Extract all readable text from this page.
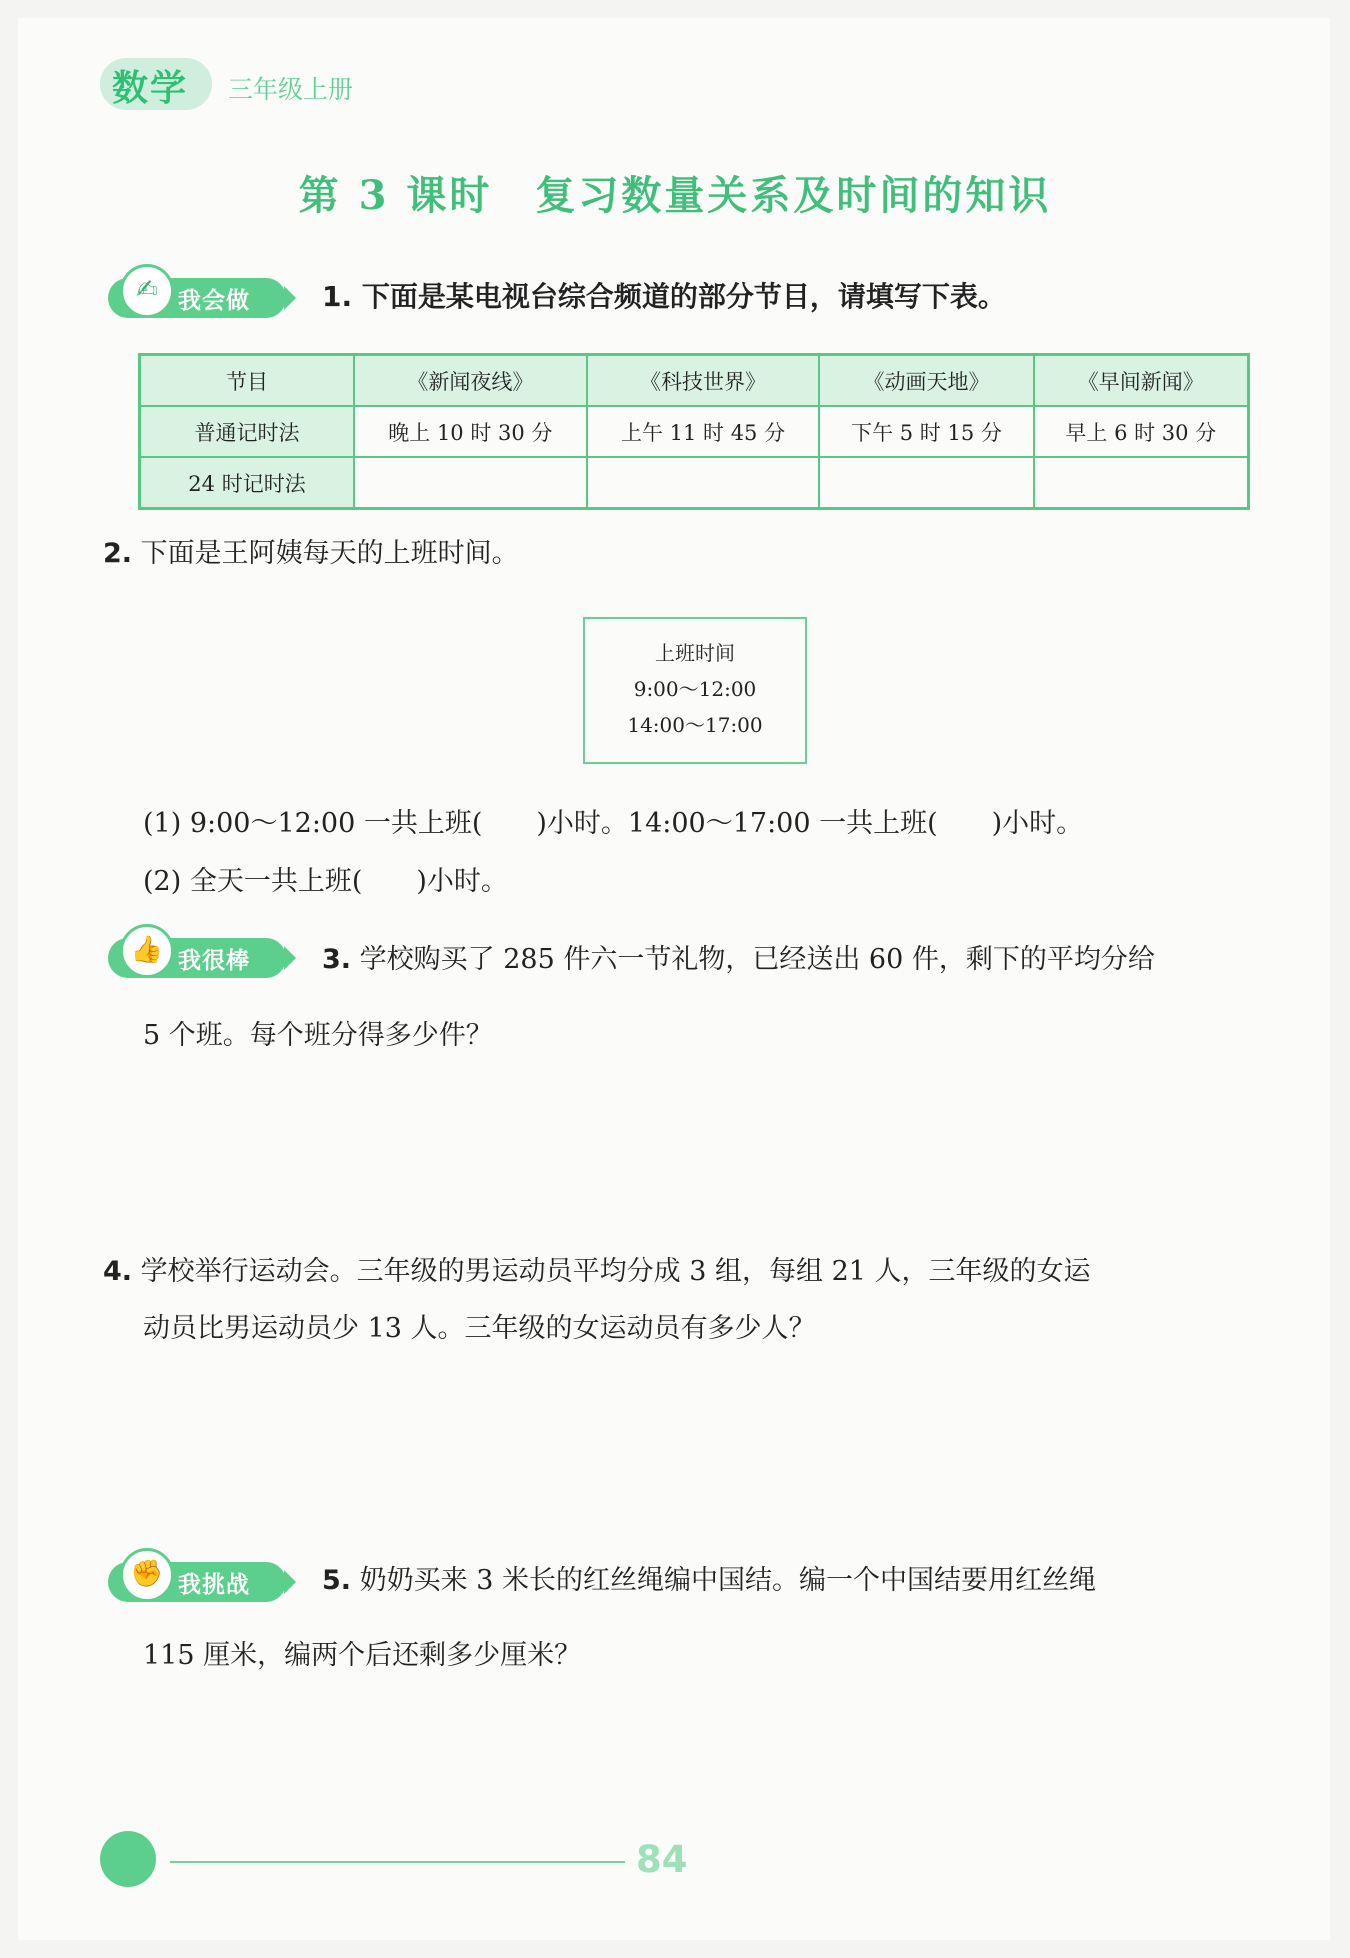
数学 三年级上册
第 3 课时　复习数量关系及时间的知识
✍ 我会做	1. 下面是某电视台综合频道的部分节目，请填写下表。
节目	《新闻夜线》	《科技世界》	《动画天地》	《早间新闻》
普通记时法	晚上 10 时 30 分	上午 11 时 45 分	下午 5 时 15 分	早上 6 时 30 分
24 时记时法				
2. 下面是王阿姨每天的上班时间。
上班时间
9:00～12:00
14:00～17:00
(1) 9:00～12:00 一共上班(　　)小时。14:00～17:00 一共上班(　　)小时。
(2) 全天一共上班(　　)小时。
👍 我很棒	3. 学校购买了 285 件六一节礼物，已经送出 60 件，剩下的平均分给
5 个班。每个班分得多少件？
4. 学校举行运动会。三年级的男运动员平均分成 3 组，每组 21 人，三年级的女运
动员比男运动员少 13 人。三年级的女运动员有多少人？
✊ 我挑战	5. 奶奶买来 3 米长的红丝绳编中国结。编一个中国结要用红丝绳
115 厘米，编两个后还剩多少厘米？
84
